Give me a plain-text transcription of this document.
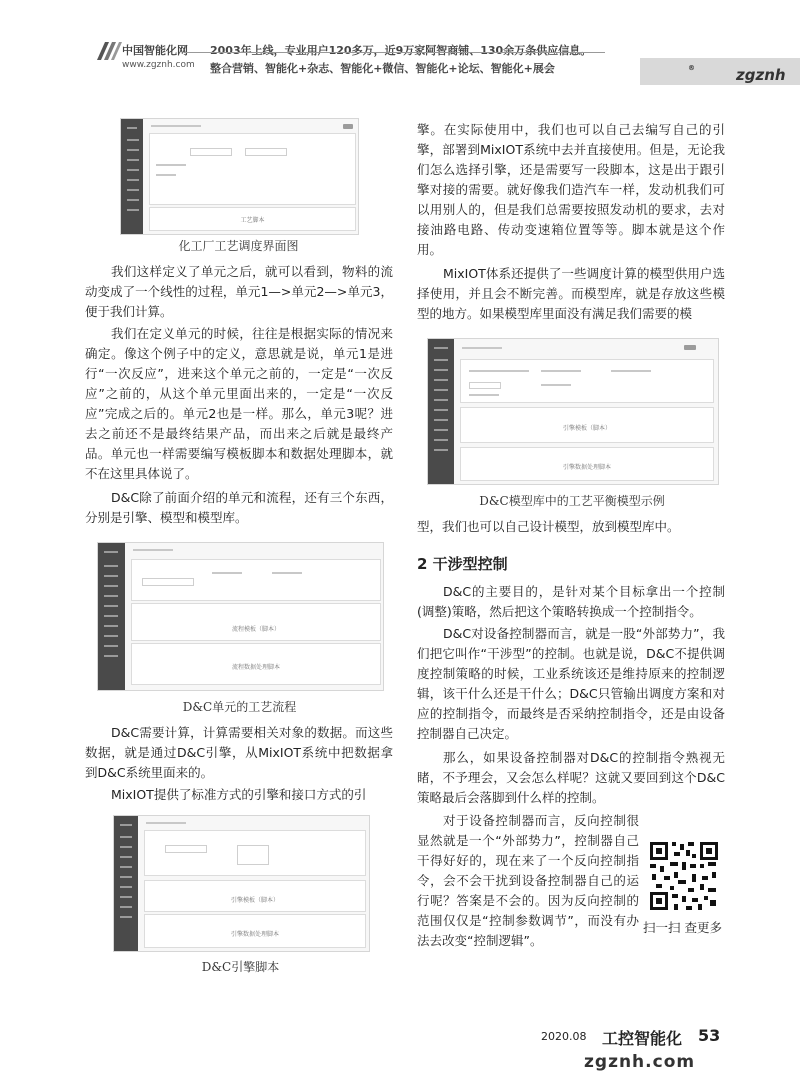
中国智能化网
www.zgznh.com
2003年上线，专业用户120多万，近9万家阿智商铺、130余万条供应信息。
整合营销、智能化+杂志、智能化+微信、智能化+论坛、智能化+展会	zgznh
®
工艺脚本
化工厂工艺调度界面图

我们这样定义了单元之后，就可以看到，物料的流动变成了一个线性的过程，单元1—>单元2—>单元3，便于我们计算。

我们在定义单元的时候，往往是根据实际的情况来确定。像这个例子中的定义，意思就是说，单元1是进行“一次反应”，进来这个单元之前的，一定是“一次反应”之前的，从这个单元里面出来的，一定是“一次反应”完成之后的。单元2也是一样。那么，单元3呢？进去之前还不是最终结果产品，而出来之后就是最终产品。单元也一样需要编写模板脚本和数据处理脚本，就不在这里具体说了。

D&C除了前面介绍的单元和流程，还有三个东西，分别是引擎、模型和模型库。

流程模板（脚本）
流程数据处理脚本
D&C单元的工艺流程

D&C需要计算，计算需要相关对象的数据。而这些数据，就是通过D&C引擎，从MixIOT系统中把数据拿到D&C系统里面来的。

MixIOT提供了标准方式的引擎和接口方式的引

引擎模板（脚本）
引擎数据处理脚本
D&C引擎脚本

擎。在实际使用中，我们也可以自己去编写自己的引擎，部署到MixIOT系统中去并直接使用。但是，无论我们怎么选择引擎，还是需要写一段脚本，这是出于跟引擎对接的需要。就好像我们造汽车一样，发动机我们可以用别人的，但是我们总需要按照发动机的要求，去对接油路电路、传动变速箱位置等等。脚本就是这个作用。

MixIOT体系还提供了一些调度计算的模型供用户选择使用，并且会不断完善。而模型库，就是存放这些模型的地方。如果模型库里面没有满足我们需要的模

引擎模板（脚本）
引擎数据处理脚本
D&C模型库中的工艺平衡模型示例

型，我们也可以自己设计模型，放到模型库中。

2 干涉型控制

D&C的主要目的，是针对某个目标拿出一个控制(调整)策略，然后把这个策略转换成一个控制指令。

D&C对设备控制器而言，就是一股“外部势力”，我们把它叫作“干涉型”的控制。也就是说，D&C不提供调度控制策略的时候，工业系统该还是维持原来的控制逻辑，该干什么还是干什么；D&C只管输出调度方案和对应的控制指令，而最终是否采纳控制指令，还是由设备控制器自己决定。

那么，如果设备控制器对D&C的控制指令熟视无睹，不予理会，又会怎么样呢？这就又要回到这个D&C策略最后会落脚到什么样的控制。

对于设备控制器而言，反向控制很显然就是一个“外部势力”，控制器自己干得好好的，现在来了一个反向控制指令，会不会干扰到设备控制器自己的运行呢？答案是不会的。因为反向控制的范围仅仅是“控制参数调节”，而没有办法去改变“控制逻辑”。

扫一扫 查更多
2020.08 工控智能化 53
zgznh.com
